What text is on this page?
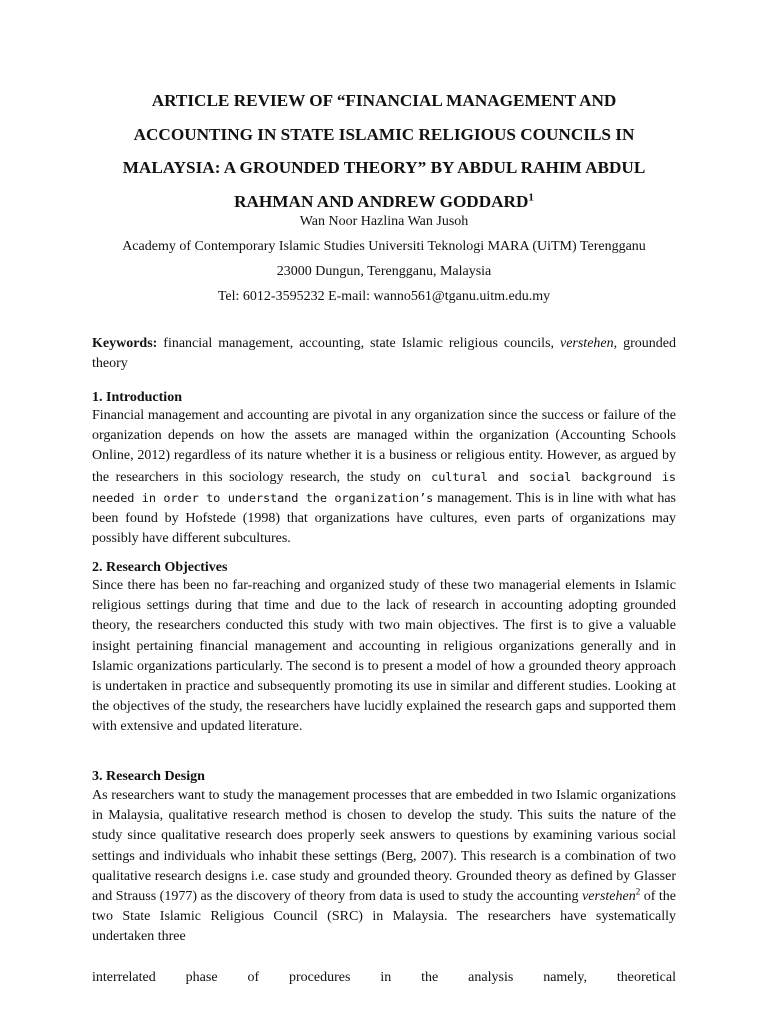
ARTICLE REVIEW OF “FINANCIAL MANAGEMENT AND
ACCOUNTING IN STATE ISLAMIC RELIGIOUS COUNCILS IN
MALAYSIA: A GROUNDED THEORY” BY ABDUL RAHIM ABDUL
RAHMAN AND ANDREW GODDARD$^1$

Wan Noor Hazlina Wan Jusoh

Academy of Contemporary Islamic Studies Universiti Teknologi MARA (UiTM) Terengganu

23000 Dungun, Terengganu, Malaysia

Tel: 6012-3595232 E-mail: wanno561@tganu.uitm.edu.my

Keywords: financial management, accounting, state Islamic religious councils, verstehen, grounded theory

1. Introduction

Financial management and accounting are pivotal in any organization since the success or failure of the organization depends on how the assets are managed within the organization (Accounting Schools Online, 2012) regardless of its nature whether it is a business or religious entity. However, as argued by the researchers in this sociology research, the study on cultural and social background is needed in order to understand the organization’s management. This is in line with what has been found by Hofstede (1998) that organizations have cultures, even parts of organizations may possibly have different subcultures.

2. Research Objectives

Since there has been no far-reaching and organized study of these two managerial elements in Islamic religious settings during that time and due to the lack of research in accounting adopting grounded theory, the researchers conducted this study with two main objectives. The first is to give a valuable insight pertaining financial management and accounting in religious organizations generally and in Islamic organizations particularly. The second is to present a model of how a grounded theory approach is undertaken in practice and subsequently promoting its use in similar and different studies. Looking at the objectives of the study, the researchers have lucidly explained the research gaps and supported them with extensive and updated literature.

3. Research Design

As researchers want to study the management processes that are embedded in two Islamic organizations in Malaysia, qualitative research method is chosen to develop the study. This suits the nature of the study since qualitative research does properly seek answers to questions by examining various social settings and individuals who inhabit these settings (Berg, 2007). This research is a combination of two qualitative research designs i.e. case study and grounded theory. Grounded theory as defined by Glasser and Strauss (1977) as the discovery of theory from data is used to study the accounting verstehen$^2$ of the two State Islamic Religious Council (SRC) in Malaysia. The researchers have systematically undertaken three

interrelated phase of procedures in the analysis namely, theoretical
